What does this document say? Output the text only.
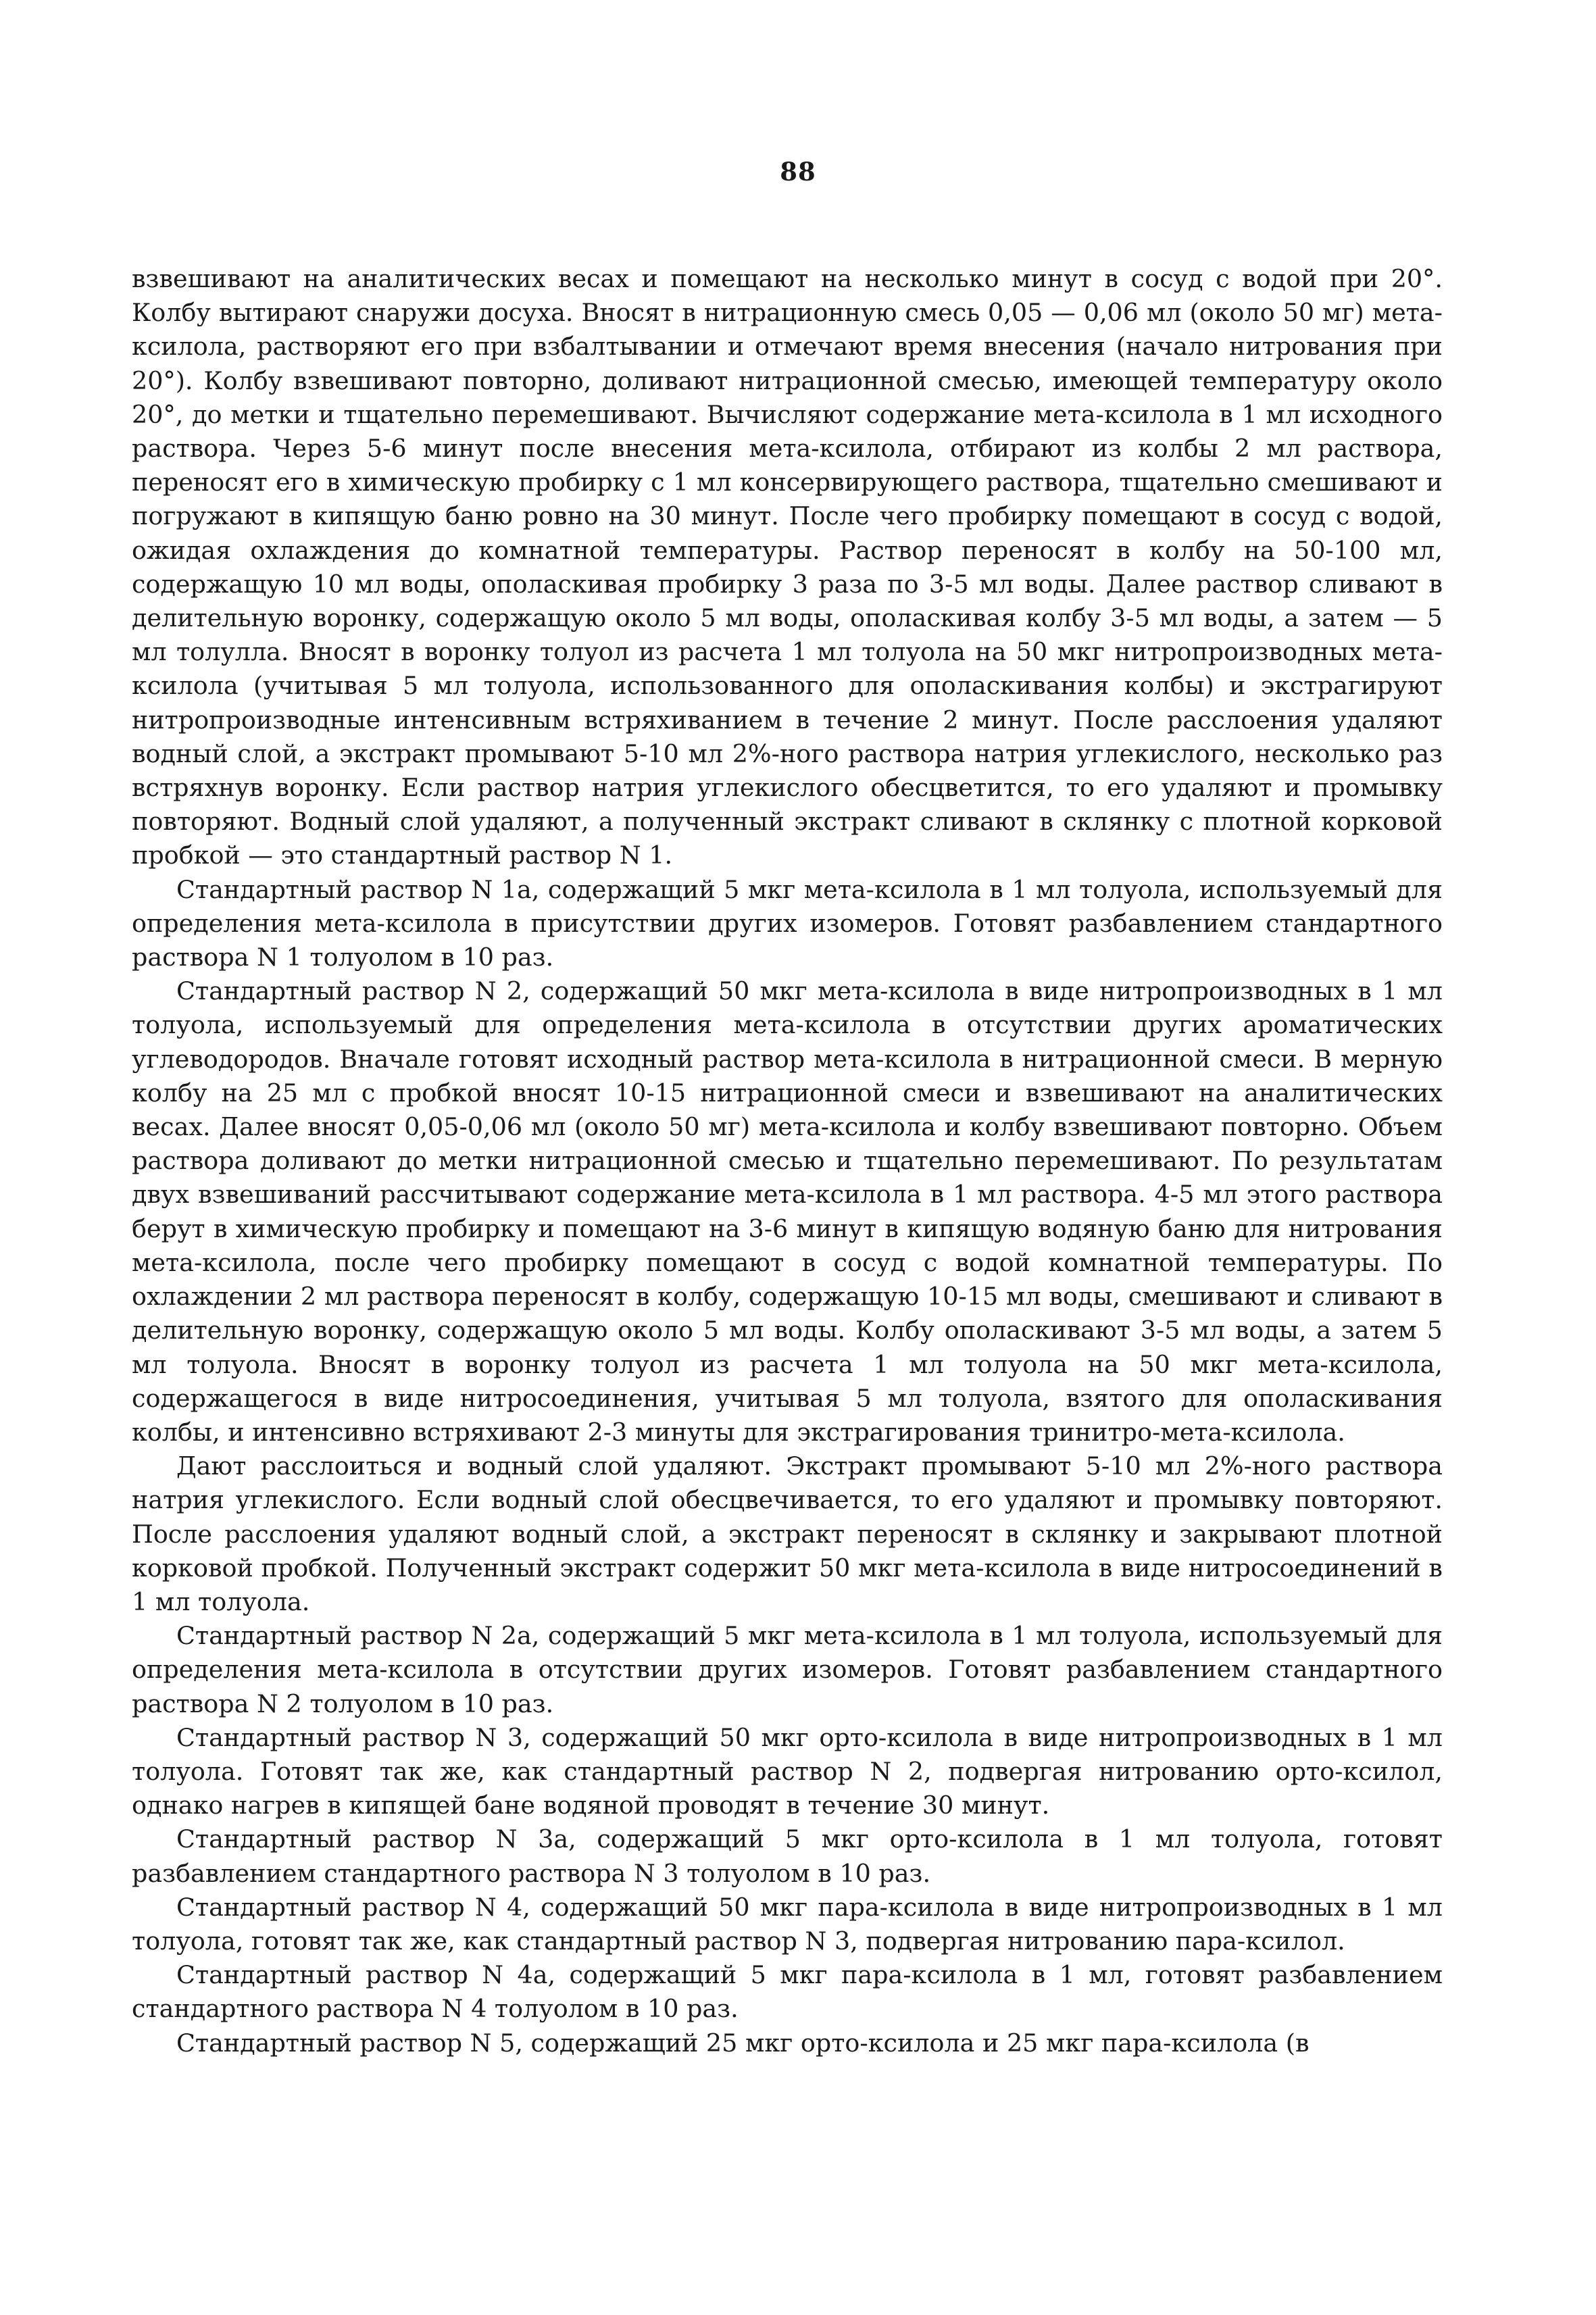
88

взвешивают на аналитических весах и помещают на несколько минут в сосуд с водой при 20°. Колбу вытирают снаружи досуха. Вносят в нитрационную смесь 0,05 — 0,06 мл (около 50 мг) мета-ксилола, растворяют его при взбалтывании и отмечают время внесения (начало нитрования при 20°). Колбу взвешивают повторно, доливают нитрационной смесью, имеющей температуру около 20°, до метки и тщательно перемешивают. Вычисляют содержание мета-ксилола в 1 мл исходного раствора. Через 5-6 минут после внесения мета-ксилола, отбирают из колбы 2 мл раствора, переносят его в химическую пробирку с 1 мл консервирующего раствора, тщательно смешивают и погружают в кипящую баню ровно на 30 минут. После чего пробирку помещают в сосуд с водой, ожидая охлаждения до комнатной температуры. Раствор переносят в колбу на 50-100 мл, содержащую 10 мл воды, ополаскивая пробирку 3 раза по 3-5 мл воды. Далее раствор сливают в делительную воронку, содержащую около 5 мл воды, ополаскивая колбу 3-5 мл воды, а затем — 5 мл толулла. Вносят в воронку толуол из расчета 1 мл толуола на 50 мкг нитропроизводных мета-ксилола (учитывая 5 мл толуола, использованного для ополаскивания колбы) и экстрагируют нитропроизводные интенсивным встряхиванием в течение 2 минут. После расслоения удаляют водный слой, а экстракт промывают 5-10 мл 2%-ного раствора натрия углекислого, несколько раз встряхнув воронку. Если раствор натрия углекислого обесцветится, то его удаляют и промывку повторяют. Водный слой удаляют, а полученный экстракт сливают в склянку с плотной корковой пробкой — это стандартный раствор N 1.

Стандартный раствор N 1а, содержащий 5 мкг мета-ксилола в 1 мл толуола, используемый для определения мета-ксилола в присутствии других изомеров. Готовят разбавлением стандартного раствора N 1 толуолом в 10 раз.

Стандартный раствор N 2, содержащий 50 мкг мета-ксилола в виде нитропроизводных в 1 мл толуола, используемый для определения мета-ксилола в отсутствии других ароматических углеводородов. Вначале готовят исходный раствор мета-ксилола в нитрационной смеси. В мерную колбу на 25 мл с пробкой вносят 10-15 нитрационной смеси и взвешивают на аналитических весах. Далее вносят 0,05-0,06 мл (около 50 мг) мета-ксилола и колбу взвешивают повторно. Объем раствора доливают до метки нитрационной смесью и тщательно перемешивают. По результатам двух взвешиваний рассчитывают содержание мета-ксилола в 1 мл раствора. 4-5 мл этого раствора берут в химическую пробирку и помещают на 3-6 минут в кипящую водяную баню для нитрования мета-ксилола, после чего пробирку помещают в сосуд с водой комнатной температуры. По охлаждении 2 мл раствора переносят в колбу, содержащую 10-15 мл воды, смешивают и сливают в делительную воронку, содержащую около 5 мл воды. Колбу ополаскивают 3-5 мл воды, а затем 5 мл толуола. Вносят в воронку толуол из расчета 1 мл толуола на 50 мкг мета-ксилола, содержащегося в виде нитросоединения, учитывая 5 мл толуола, взятого для ополаскивания колбы, и интенсивно встряхивают 2-3 минуты для экстрагирования тринитро-мета-ксилола.

Дают расслоиться и водный слой удаляют. Экстракт промывают 5-10 мл 2%-ного раствора натрия углекислого. Если водный слой обесцвечивается, то его удаляют и промывку повторяют. После расслоения удаляют водный слой, а экстракт переносят в склянку и закрывают плотной корковой пробкой. Полученный экстракт содержит 50 мкг мета-ксилола в виде нитросоединений в 1 мл толуола.

Стандартный раствор N 2а, содержащий 5 мкг мета-ксилола в 1 мл толуола, используемый для определения мета-ксилола в отсутствии других изомеров. Готовят разбавлением стандартного раствора N 2 толуолом в 10 раз.

Стандартный раствор N 3, содержащий 50 мкг орто-ксилола в виде нитропроизводных в 1 мл толуола. Готовят так же, как стандартный раствор N 2, подвергая нитрованию орто-ксилол, однако нагрев в кипящей бане водяной проводят в течение 30 минут.

Стандартный раствор N 3а, содержащий 5 мкг орто-ксилола в 1 мл толуола, готовят разбавлением стандартного раствора N 3 толуолом в 10 раз.

Стандартный раствор N 4, содержащий 50 мкг пара-ксилола в виде нитропроизводных в 1 мл толуола, готовят так же, как стандартный раствор N 3, подвергая нитрованию пара-ксилол.

Стандартный раствор N 4а, содержащий 5 мкг пара-ксилола в 1 мл, готовят разбавлением стандартного раствора N 4 толуолом в 10 раз.

Стандартный раствор N 5, содержащий 25 мкг орто-ксилола и 25 мкг пара-ксилола (в
